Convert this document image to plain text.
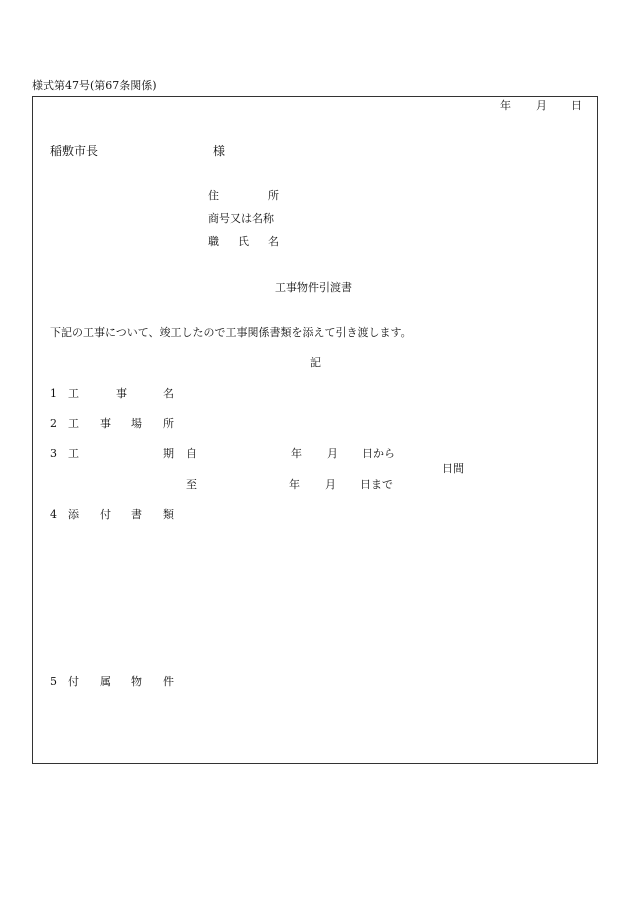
様式第47号(第67条関係)
年 月 日
稲敷市長	様
住	所
商号又は名称
職 氏 名
工事物件引渡書
下記の工事について、竣工したので工事関係書類を添えて引き渡します。
記
1 工	事	名
2 工 事 場 所
3 工	期 自	年 月 日から
日間
至	年 月 日まで
4 添 付 書 類
5 付 属 物 件
